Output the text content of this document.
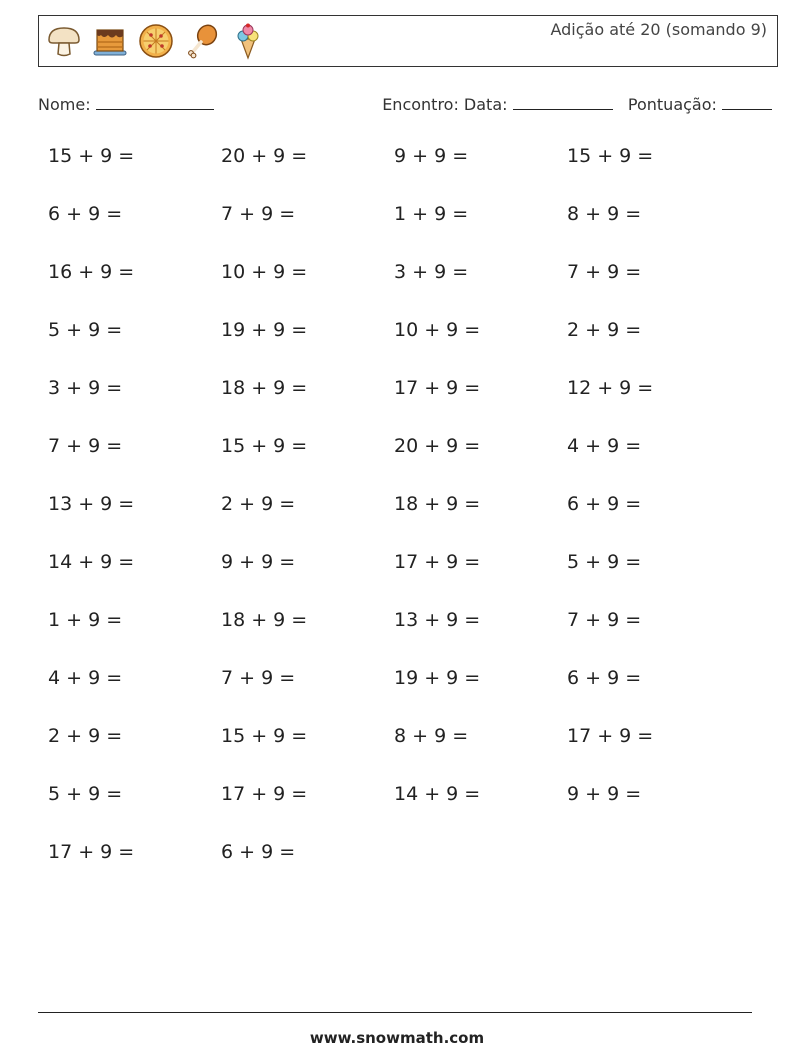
Adição até 20 (somando 9)
Nome:	Encontro: Data:	Pontuação:
15 + 9 =	20 + 9 =	9 + 9 =	15 + 9 =
6 + 9 =	7 + 9 =	1 + 9 =	8 + 9 =
16 + 9 =	10 + 9 =	3 + 9 =	7 + 9 =
5 + 9 =	19 + 9 =	10 + 9 =	2 + 9 =
3 + 9 =	18 + 9 =	17 + 9 =	12 + 9 =
7 + 9 =	15 + 9 =	20 + 9 =	4 + 9 =
13 + 9 =	2 + 9 =	18 + 9 =	6 + 9 =
14 + 9 =	9 + 9 =	17 + 9 =	5 + 9 =
1 + 9 =	18 + 9 =	13 + 9 =	7 + 9 =
4 + 9 =	7 + 9 =	19 + 9 =	6 + 9 =
2 + 9 =	15 + 9 =	8 + 9 =	17 + 9 =
5 + 9 =	17 + 9 =	14 + 9 =	9 + 9 =
17 + 9 =	6 + 9 =
www.snowmath.com
